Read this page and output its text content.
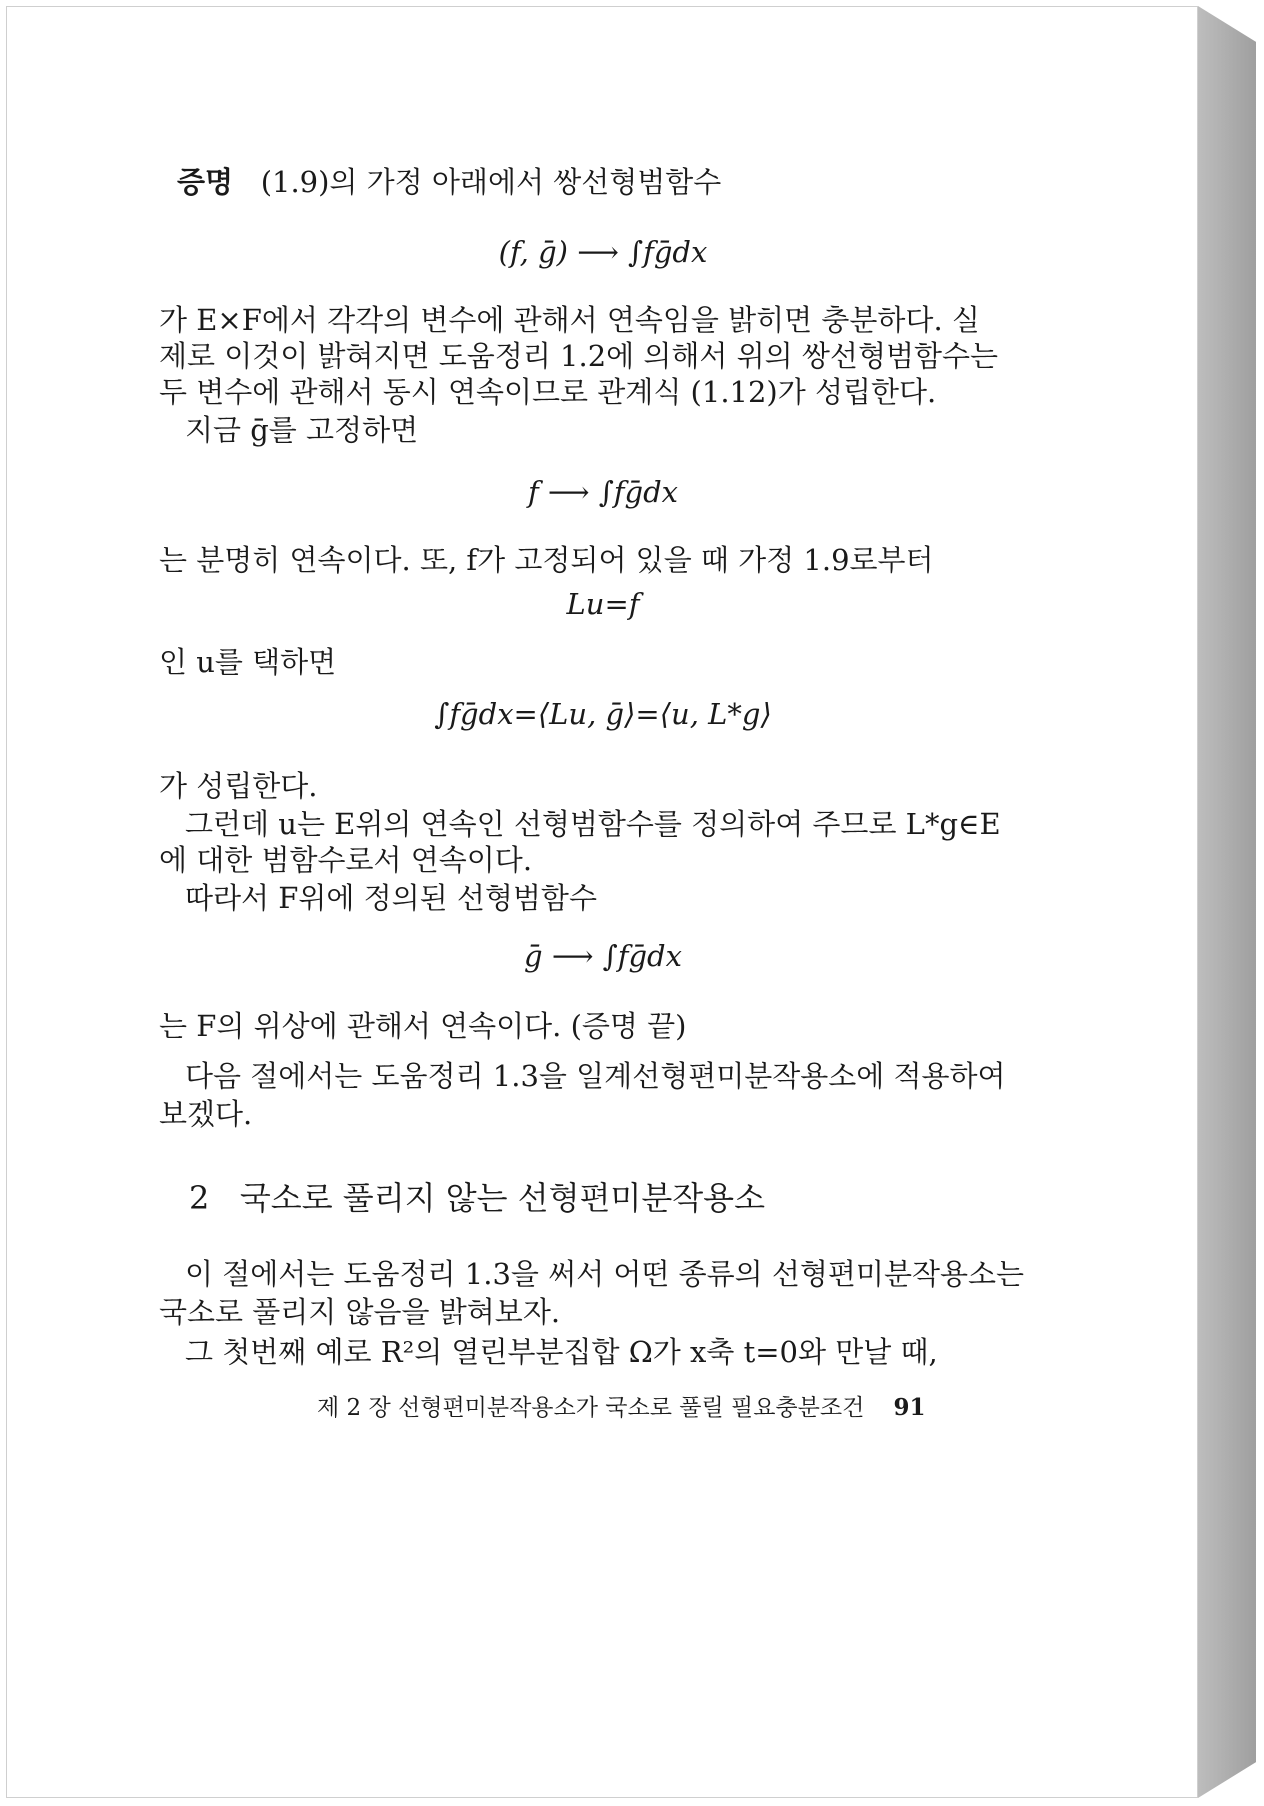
증명 (1.9)의 가정 아래에서 쌍선형범함수
(f, ḡ) ⟶ ∫fḡdx
가 E×F에서 각각의 변수에 관해서 연속임을 밝히면 충분하다. 실
제로 이것이 밝혀지면 도움정리 1.2에 의해서 위의 쌍선형범함수는
두 변수에 관해서 동시 연속이므로 관계식 (1.12)가 성립한다.
지금 ḡ를 고정하면
f ⟶ ∫fḡdx
는 분명히 연속이다. 또, f가 고정되어 있을 때 가정 1.9로부터
Lu=f
인 u를 택하면
∫fḡdx=⟨Lu, ḡ⟩=⟨u, L*g⟩
가 성립한다.
그런데 u는 E위의 연속인 선형범함수를 정의하여 주므로 L*g∈E
에 대한 범함수로서 연속이다.
따라서 F위에 정의된 선형범함수
ḡ ⟶ ∫fḡdx
는 F의 위상에 관해서 연속이다. (증명 끝)
다음 절에서는 도움정리 1.3을 일계선형편미분작용소에 적용하여
보겠다.
2 국소로 풀리지 않는 선형편미분작용소
이 절에서는 도움정리 1.3을 써서 어떤 종류의 선형편미분작용소는
국소로 풀리지 않음을 밝혀보자.
그 첫번째 예로 R²의 열린부분집합 Ω가 x축 t=0와 만날 때,
제 2 장 선형편미분작용소가 국소로 풀릴 필요충분조건 91
